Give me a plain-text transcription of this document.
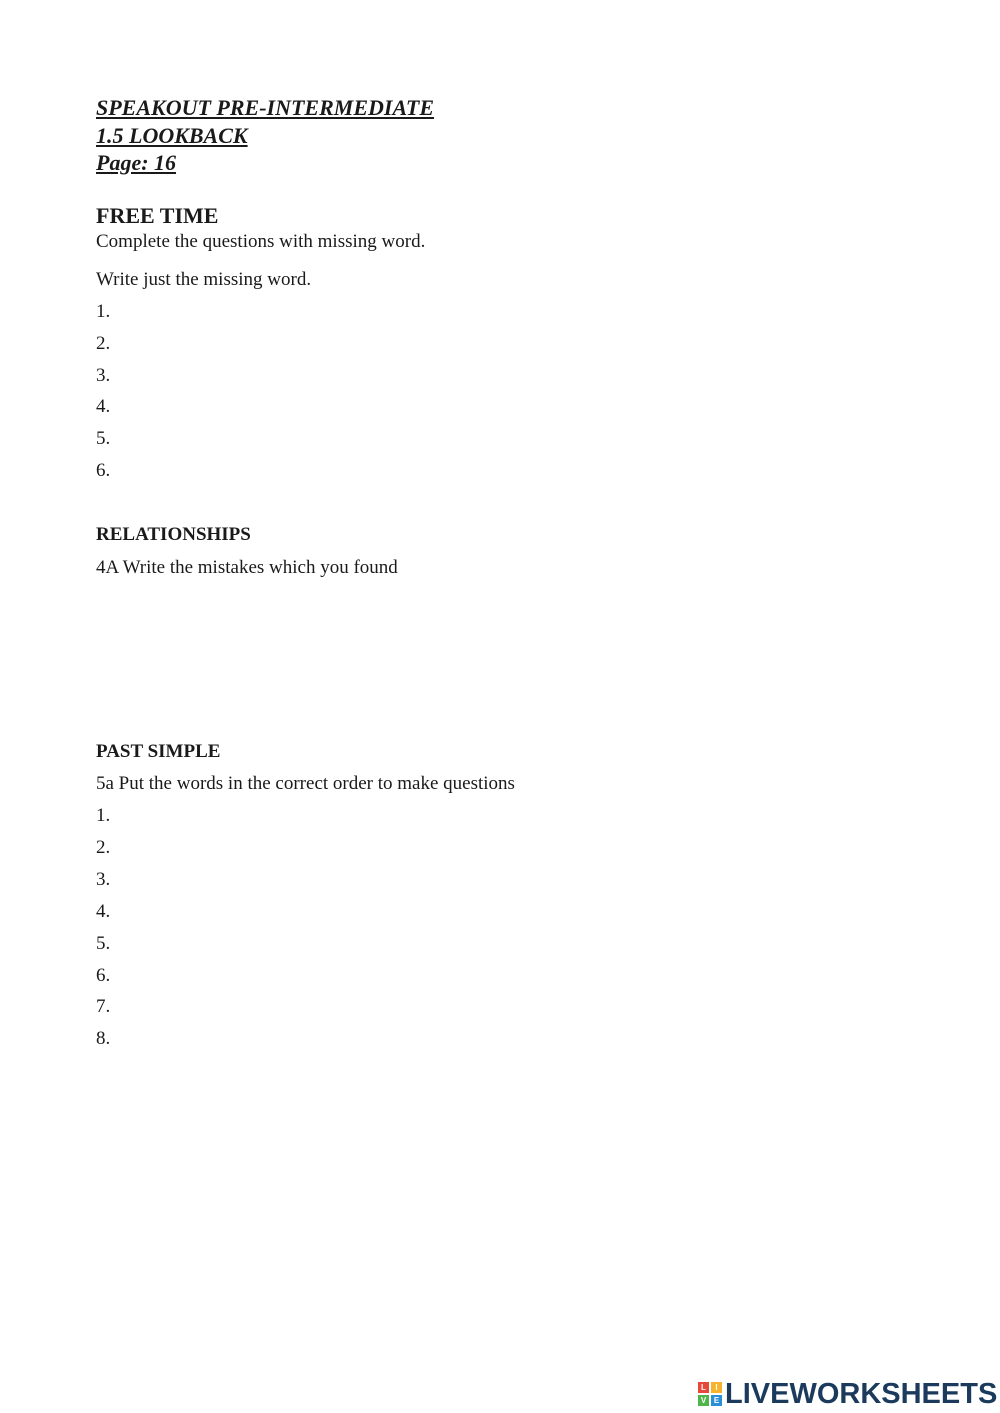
SPEAKOUT PRE-INTERMEDIATE
1.5 LOOKBACK
Page: 16
FREE TIME
Complete the questions with missing word.
Write just the missing word.
1.
2.
3.
4.
5.
6.
RELATIONSHIPS
4A Write the mistakes which you found
PAST SIMPLE
5a Put the words in the correct order to make questions
1.
2.
3.
4.
5.
6.
7.
8.
L	I
V E LIVEWORKSHEETS
